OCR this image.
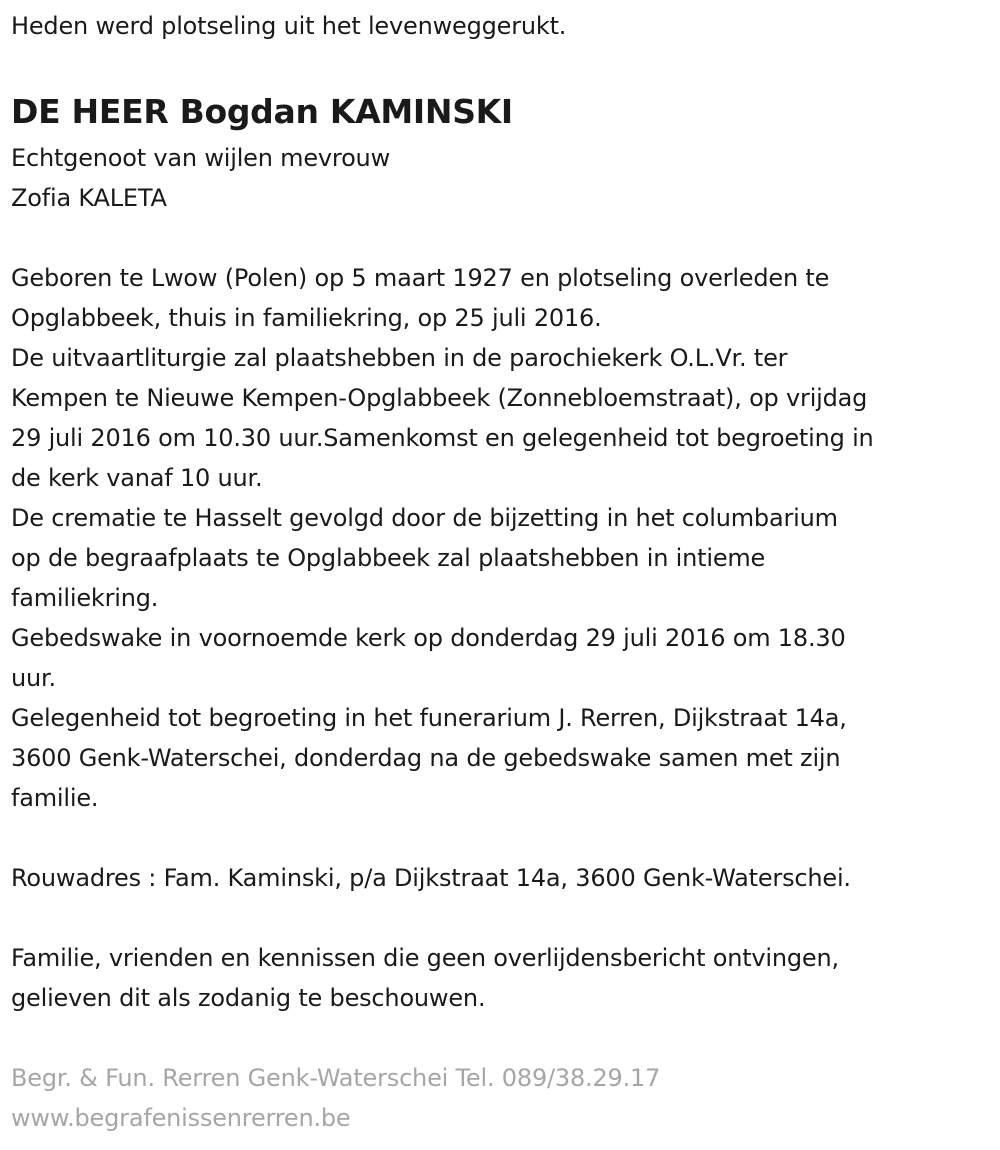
Heden werd plotseling uit het levenweggerukt.

DE HEER Bogdan KAMINSKI

Echtgenoot van wijlen mevrouw

Zofia KALETA

Geboren te Lwow (Polen) op 5 maart 1927 en plotseling overleden te

Opglabbeek, thuis in familiekring, op 25 juli 2016.

De uitvaartliturgie zal plaatshebben in de parochiekerk O.L.Vr. ter

Kempen te Nieuwe Kempen-Opglabbeek (Zonnebloemstraat), op vrijdag

29 juli 2016 om 10.30 uur.Samenkomst en gelegenheid tot begroeting in

de kerk vanaf 10 uur.

De crematie te Hasselt gevolgd door de bijzetting in het columbarium

op de begraafplaats te Opglabbeek zal plaatshebben in intieme

familiekring.

Gebedswake in voornoemde kerk op donderdag 29 juli 2016 om 18.30

uur.

Gelegenheid tot begroeting in het funerarium J. Rerren, Dijkstraat 14a,

3600 Genk-Waterschei, donderdag na de gebedswake samen met zijn

familie.

Rouwadres : Fam. Kaminski, p/a Dijkstraat 14a, 3600 Genk-Waterschei.

Familie, vrienden en kennissen die geen overlijdensbericht ontvingen,

gelieven dit als zodanig te beschouwen.

Begr. & Fun. Rerren Genk-Waterschei Tel. 089/38.29.17

www.begrafenissenrerren.be
